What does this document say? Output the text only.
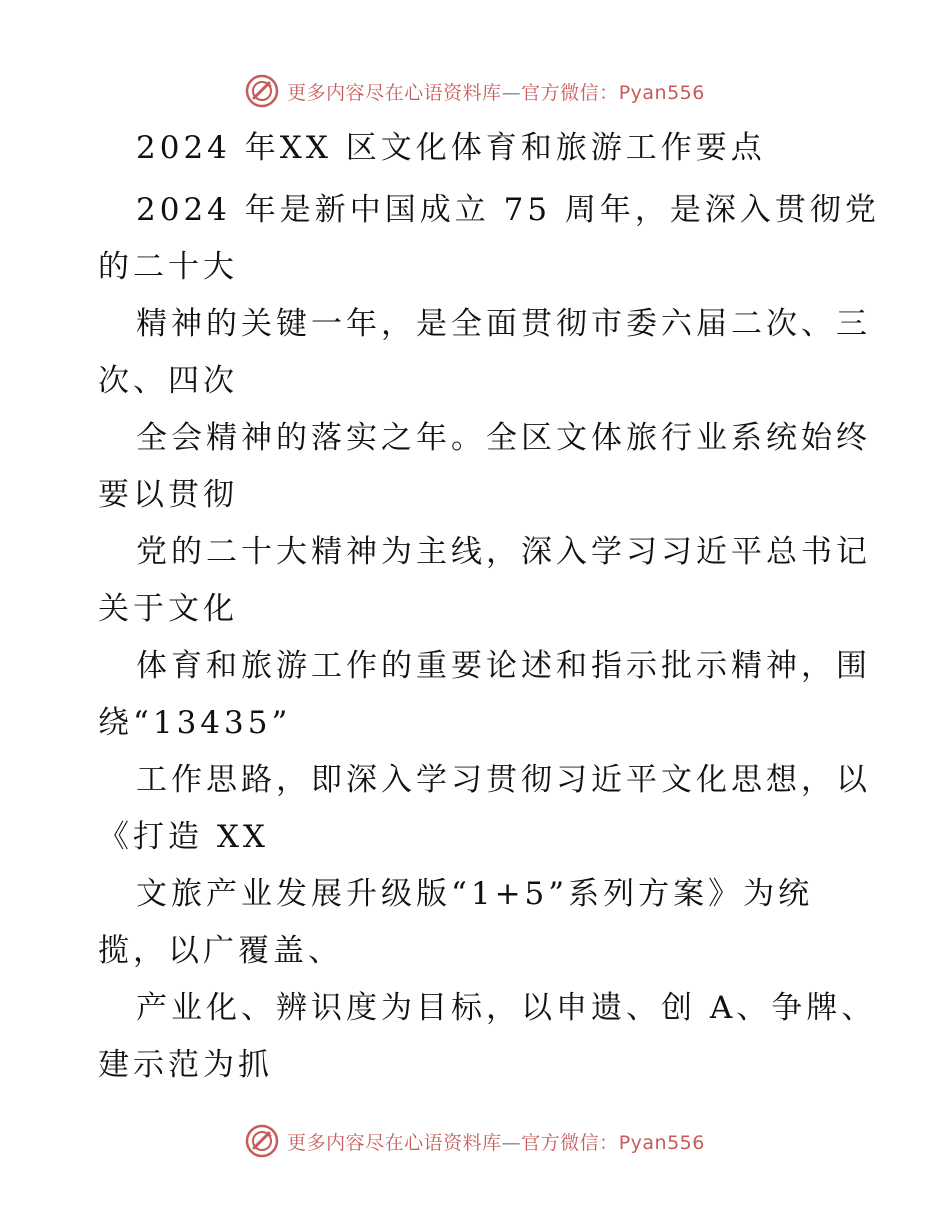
更多内容尽在心语资料库—官方微信：Pyan556
2024 年XX 区文化体育和旅游工作要点

2024 年是新中国成立 75 周年，是深入贯彻党
的二十大
精神的关键一年，是全面贯彻市委六届二次、三
次、四次
全会精神的落实之年。全区文体旅行业系统始终
要以贯彻
党的二十大精神为主线，深入学习习近平总书记
关于文化
体育和旅游工作的重要论述和指示批示精神，围
绕“13435”
工作思路，即深入学习贯彻习近平文化思想，以
《打造 XX
文旅产业发展升级版“1+5”系列方案》为统
揽，以广覆盖、
产业化、辨识度为目标，以申遗、创 A、争牌、
建示范为抓

更多内容尽在心语资料库—官方微信：Pyan556
